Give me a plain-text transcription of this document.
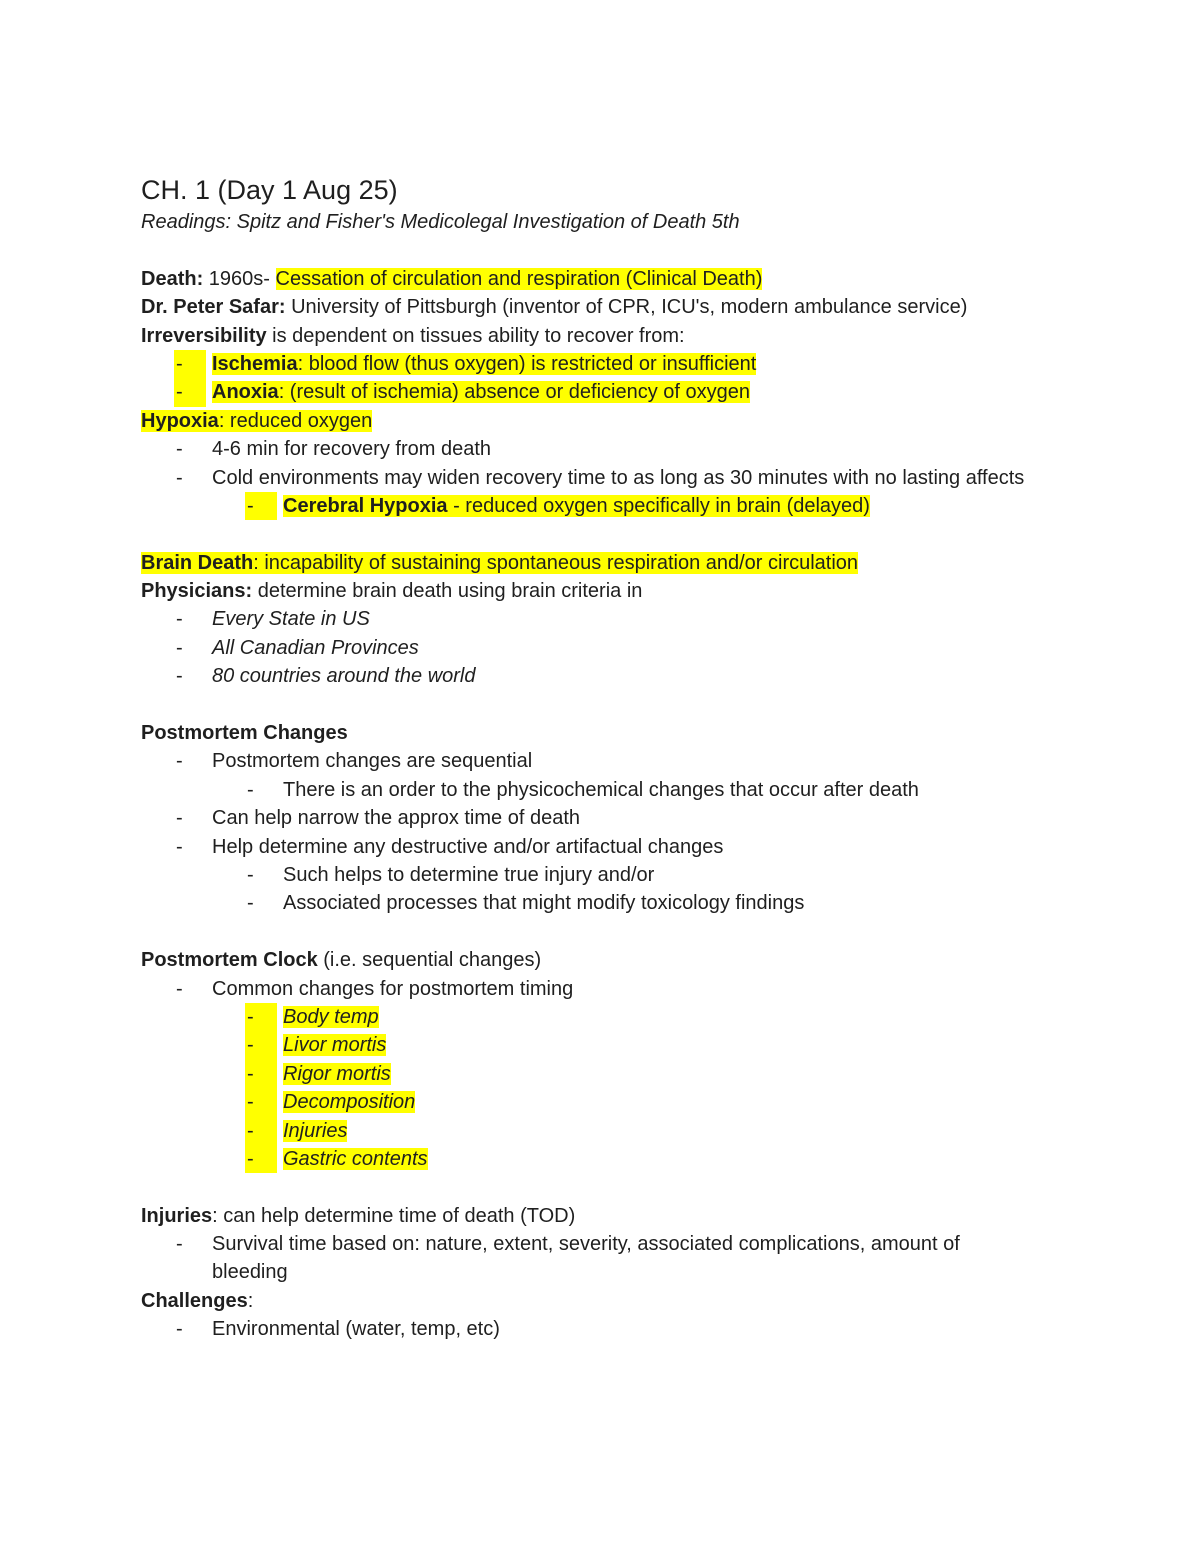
CH. 1 (Day 1 Aug 25)
Readings: Spitz and Fisher's Medicolegal Investigation of Death 5th
Death: 1960s- Cessation of circulation and respiration (Clinical Death)
Dr. Peter Safar: University of Pittsburgh (inventor of CPR, ICU's, modern ambulance service)
Irreversibility is dependent on tissues ability to recover from:
-	Ischemia: blood flow (thus oxygen) is restricted or insufficient
-	Anoxia: (result of ischemia) absence or deficiency of oxygen
Hypoxia: reduced oxygen
- 4-6 min for recovery from death
- Cold environments may widen recovery time to as long as 30 minutes with no lasting affects
-	Cerebral Hypoxia - reduced oxygen specifically in brain (delayed)
Brain Death: incapability of sustaining spontaneous respiration and/or circulation
Physicians: determine brain death using brain criteria in
- Every State in US
- All Canadian Provinces
- 80 countries around the world
Postmortem Changes
- Postmortem changes are sequential
- There is an order to the physicochemical changes that occur after death
- Can help narrow the approx time of death
- Help determine any destructive and/or artifactual changes
- Such helps to determine true injury and/or
- Associated processes that might modify toxicology findings
Postmortem Clock (i.e. sequential changes)
- Common changes for postmortem timing
-	Body temp
-	Livor mortis
-	Rigor mortis
-	Decomposition
-	Injuries
-	Gastric contents
Injuries: can help determine time of death (TOD)
- Survival time based on: nature, extent, severity, associated complications, amount of bleeding
Challenges:
- Environmental (water, temp, etc)
